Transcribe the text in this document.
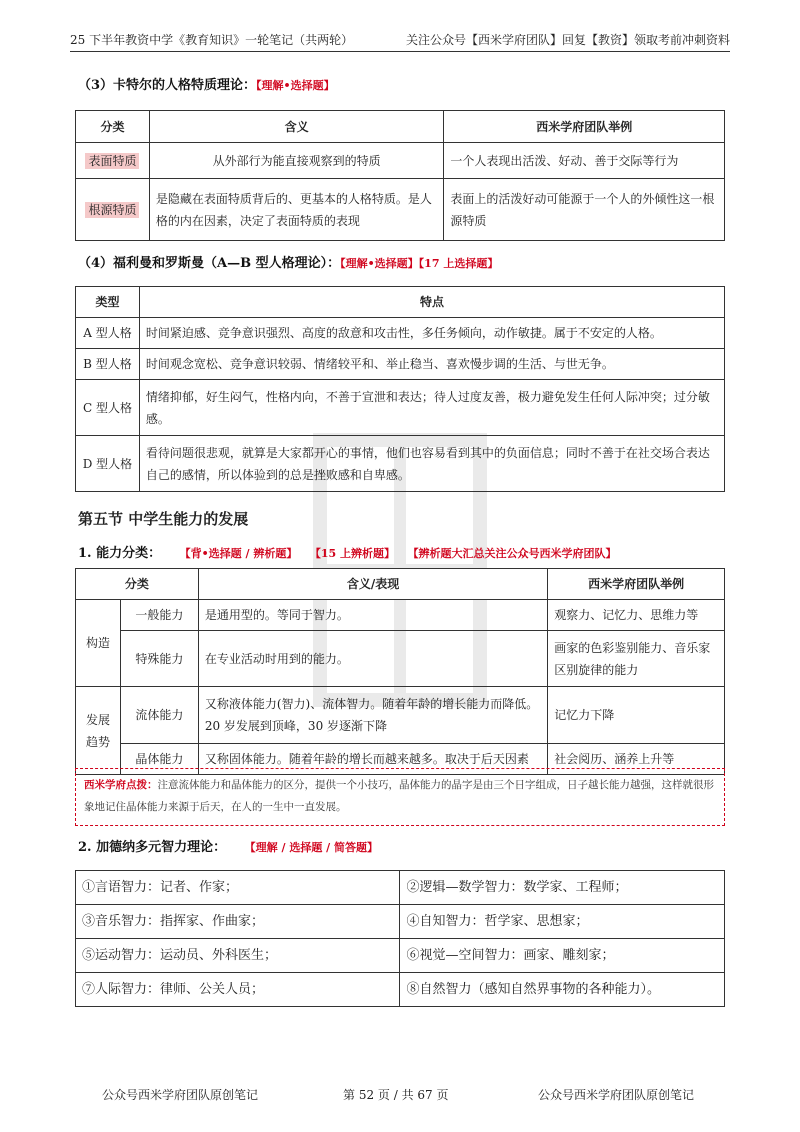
25 下半年教资中学《教育知识》一轮笔记（共两轮）	关注公众号【西米学府团队】回复【教资】领取考前冲刺资料
（3）卡特尔的人格特质理论：【理解•选择题】
分类	含义	西米学府团队举例
表面特质	从外部行为能直接观察到的特质	一个人表现出活泼、好动、善于交际等行为
根源特质	是隐藏在表面特质背后的、更基本的人格特质。是人格的内在因素，决定了表面特质的表现	表面上的活泼好动可能源于一个人的外倾性这一根源特质
（4）福利曼和罗斯曼（A—B 型人格理论）：【理解•选择题】【17 上选择题】
类型	特点
A 型人格	时间紧迫感、竞争意识强烈、高度的敌意和攻击性，多任务倾向，动作敏捷。属于不安定的人格。
B 型人格	时间观念宽松、竞争意识较弱、情绪较平和、举止稳当、喜欢慢步调的生活、与世无争。
C 型人格	情绪抑郁，好生闷气，性格内向，不善于宣泄和表达；待人过度友善，极力避免发生任何人际冲突；过分敏感。
D 型人格	看待问题很悲观，就算是大家都开心的事情，他们也容易看到其中的负面信息；同时不善于在社交场合表达自己的感情，所以体验到的总是挫败感和自卑感。
第五节 中学生能力的发展
1. 能力分类： 【背•选择题 / 辨析题】 【15 上辨析题】 【辨析题大汇总关注公众号西米学府团队】
分类		含义/表现	西米学府团队举例
构造	一般能力	是通用型的。等同于智力。	观察力、记忆力、思维力等
	特殊能力	在专业活动时用到的能力。	画家的色彩鉴别能力、音乐家区别旋律的能力
发展趋势	流体能力	又称液体能力(智力)、流体智力。随着年龄的增长能力而降低。20 岁发展到顶峰，30 岁逐渐下降	记忆力下降
	晶体能力	又称固体能力。随着年龄的增长而越来越多。取决于后天因素	社会阅历、涵养上升等
西米学府点拨：注意流体能力和晶体能力的区分，提供一个小技巧，晶体能力的晶字是由三个日字组成，日子越长能力越强，这样就很形象地记住晶体能力来源于后天，在人的一生中一直发展。
2. 加德纳多元智力理论： 【理解 / 选择题 / 简答题】
①言语智力：记者、作家；	②逻辑—数学智力：数学家、工程师；
③音乐智力：指挥家、作曲家；	④自知智力：哲学家、思想家；
⑤运动智力：运动员、外科医生；	⑥视觉—空间智力：画家、雕刻家；
⑦人际智力：律师、公关人员；	⑧自然智力（感知自然界事物的各种能力）。
公众号西米学府团队原创笔记	第 52 页 / 共 67 页	公众号西米学府团队原创笔记
